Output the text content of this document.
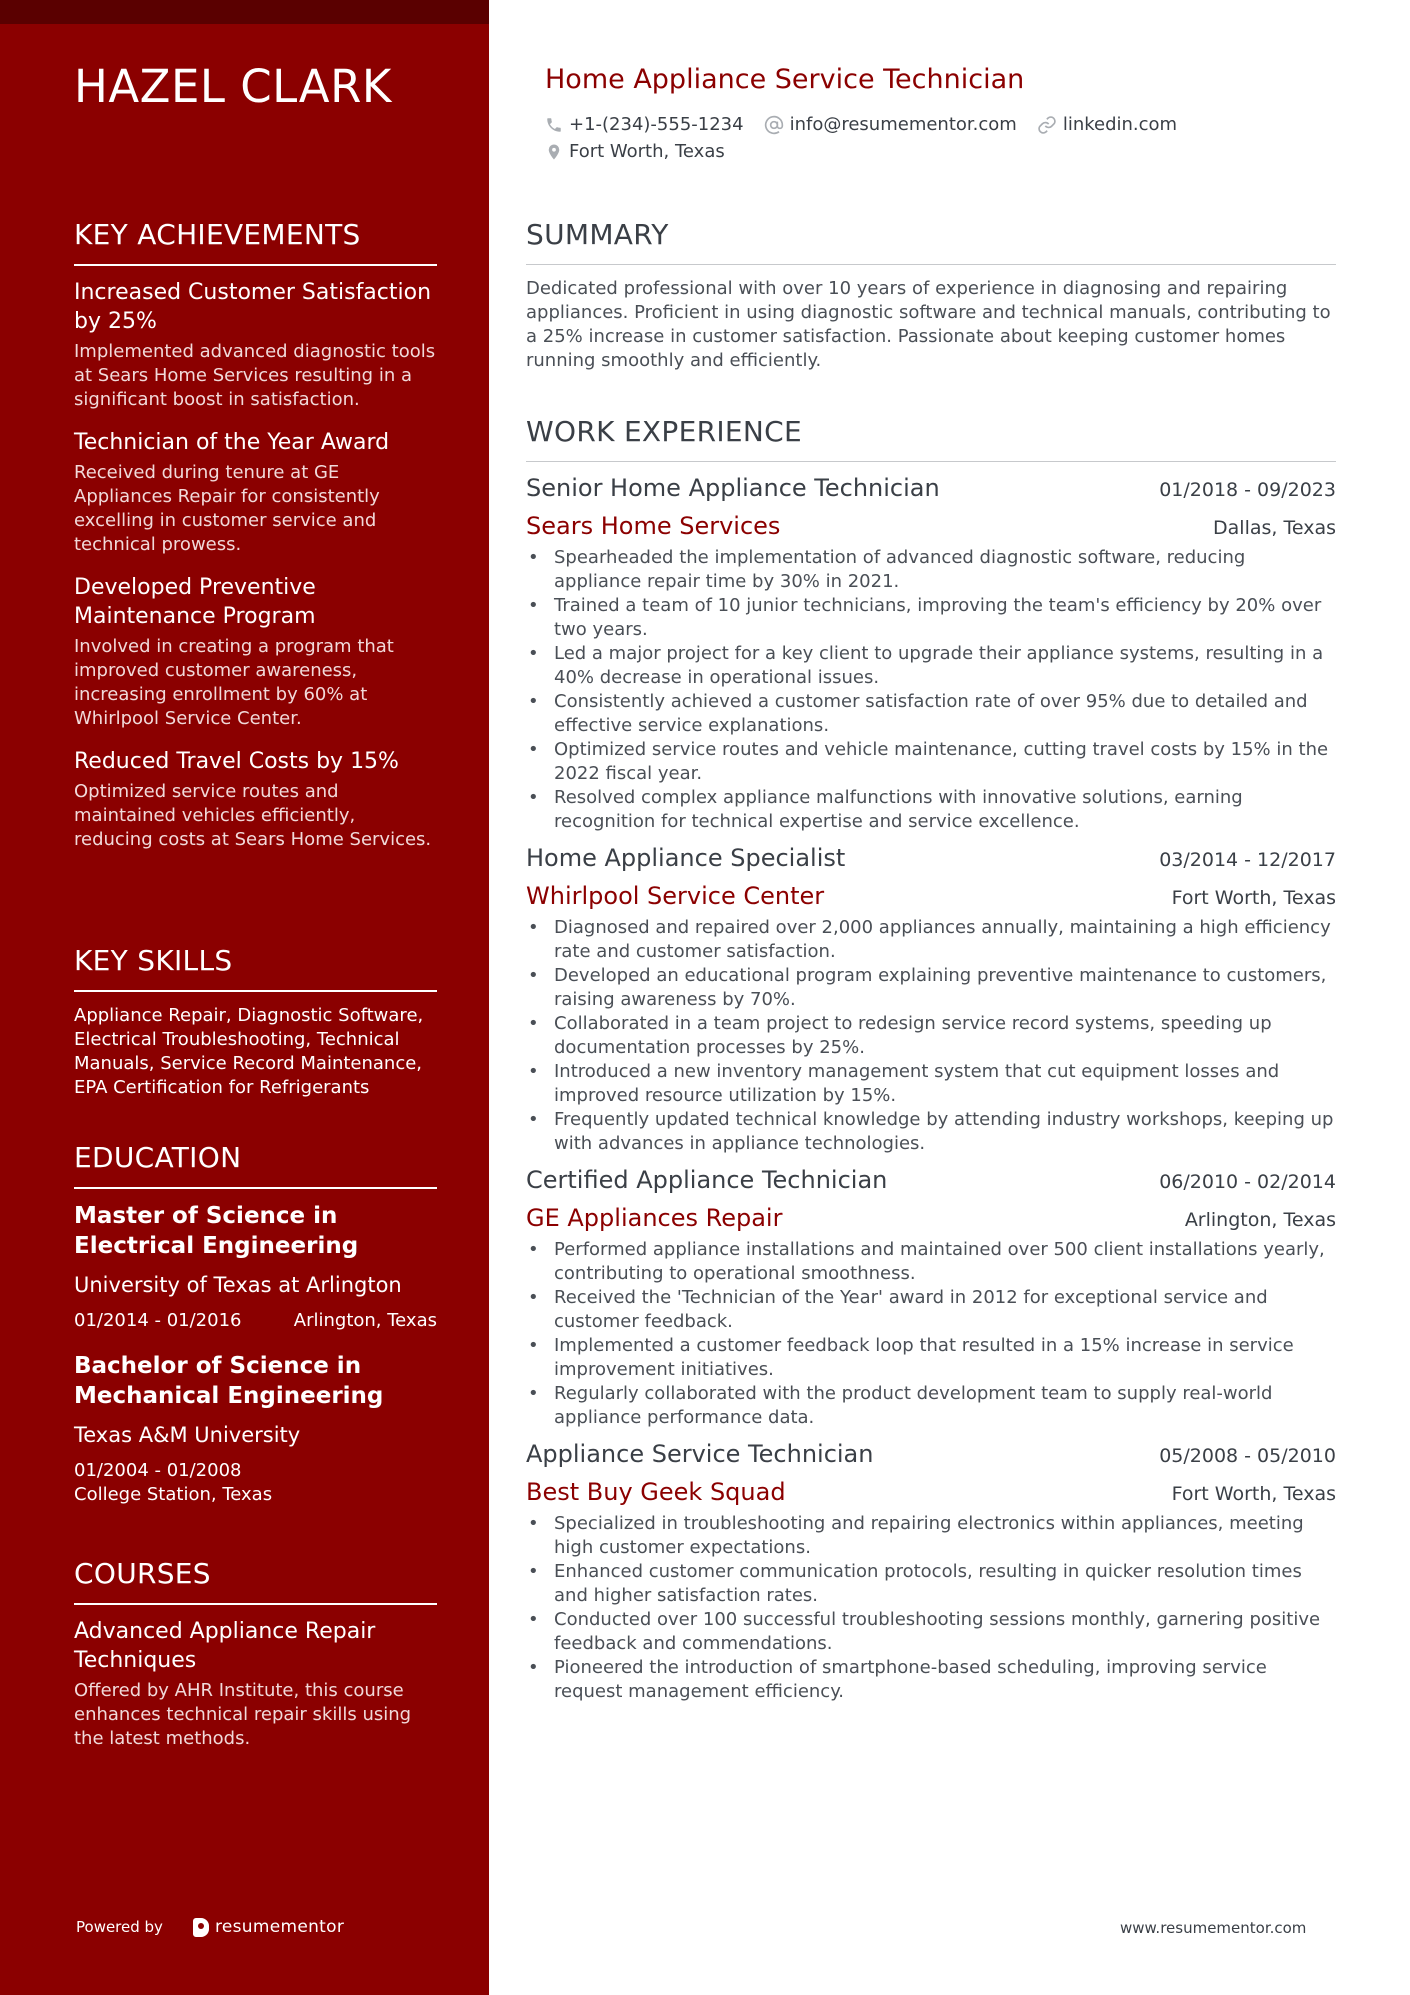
HAZEL CLARK
KEY ACHIEVEMENTS
Increased Customer Satisfaction by 25%
Implemented advanced diagnostic tools at Sears Home Services resulting in a significant boost in satisfaction.
Technician of the Year Award
Received during tenure at GE Appliances Repair for consistently excelling in customer service and technical prowess.
Developed Preventive Maintenance Program
Involved in creating a program that improved customer awareness, increasing enrollment by 60% at Whirlpool Service Center.
Reduced Travel Costs by 15%
Optimized service routes and maintained vehicles efficiently, reducing costs at Sears Home Services.
KEY SKILLS
Appliance Repair, Diagnostic Software, Electrical Troubleshooting, Technical Manuals, Service Record Maintenance, EPA Certification for Refrigerants
EDUCATION
Master of Science in Electrical Engineering
University of Texas at Arlington
01/2014 - 01/2016	Arlington, Texas
Bachelor of Science in Mechanical Engineering
Texas A&M University
01/2004 - 01/2008
College Station, Texas
COURSES
Advanced Appliance Repair Techniques
Offered by AHR Institute, this course enhances technical repair skills using the latest methods.
Powered by	resumementor
Home Appliance Service Technician
+1-(234)-555-1234	info@resumementor.com	linkedin.com
Fort Worth, Texas
SUMMARY
Dedicated professional with over 10 years of experience in diagnosing and repairing appliances. Proficient in using diagnostic software and technical manuals, contributing to a 25% increase in customer satisfaction. Passionate about keeping customer homes running smoothly and efficiently.
WORK EXPERIENCE
Senior Home Appliance Technician	01/2018 - 09/2023
Sears Home Services	Dallas, Texas
• Spearheaded the implementation of advanced diagnostic software, reducing appliance repair time by 30% in 2021.
• Trained a team of 10 junior technicians, improving the team's efficiency by 20% over two years.
• Led a major project for a key client to upgrade their appliance systems, resulting in a 40% decrease in operational issues.
• Consistently achieved a customer satisfaction rate of over 95% due to detailed and effective service explanations.
• Optimized service routes and vehicle maintenance, cutting travel costs by 15% in the 2022 fiscal year.
• Resolved complex appliance malfunctions with innovative solutions, earning recognition for technical expertise and service excellence.
Home Appliance Specialist	03/2014 - 12/2017
Whirlpool Service Center	Fort Worth, Texas
• Diagnosed and repaired over 2,000 appliances annually, maintaining a high efficiency rate and customer satisfaction.
• Developed an educational program explaining preventive maintenance to customers, raising awareness by 70%.
• Collaborated in a team project to redesign service record systems, speeding up documentation processes by 25%.
• Introduced a new inventory management system that cut equipment losses and improved resource utilization by 15%.
• Frequently updated technical knowledge by attending industry workshops, keeping up with advances in appliance technologies.
Certified Appliance Technician	06/2010 - 02/2014
GE Appliances Repair	Arlington, Texas
• Performed appliance installations and maintained over 500 client installations yearly, contributing to operational smoothness.
• Received the 'Technician of the Year' award in 2012 for exceptional service and customer feedback.
• Implemented a customer feedback loop that resulted in a 15% increase in service improvement initiatives.
• Regularly collaborated with the product development team to supply real-world appliance performance data.
Appliance Service Technician	05/2008 - 05/2010
Best Buy Geek Squad	Fort Worth, Texas
• Specialized in troubleshooting and repairing electronics within appliances, meeting high customer expectations.
• Enhanced customer communication protocols, resulting in quicker resolution times and higher satisfaction rates.
• Conducted over 100 successful troubleshooting sessions monthly, garnering positive feedback and commendations.
• Pioneered the introduction of smartphone-based scheduling, improving service request management efficiency.
www.resumementor.com
